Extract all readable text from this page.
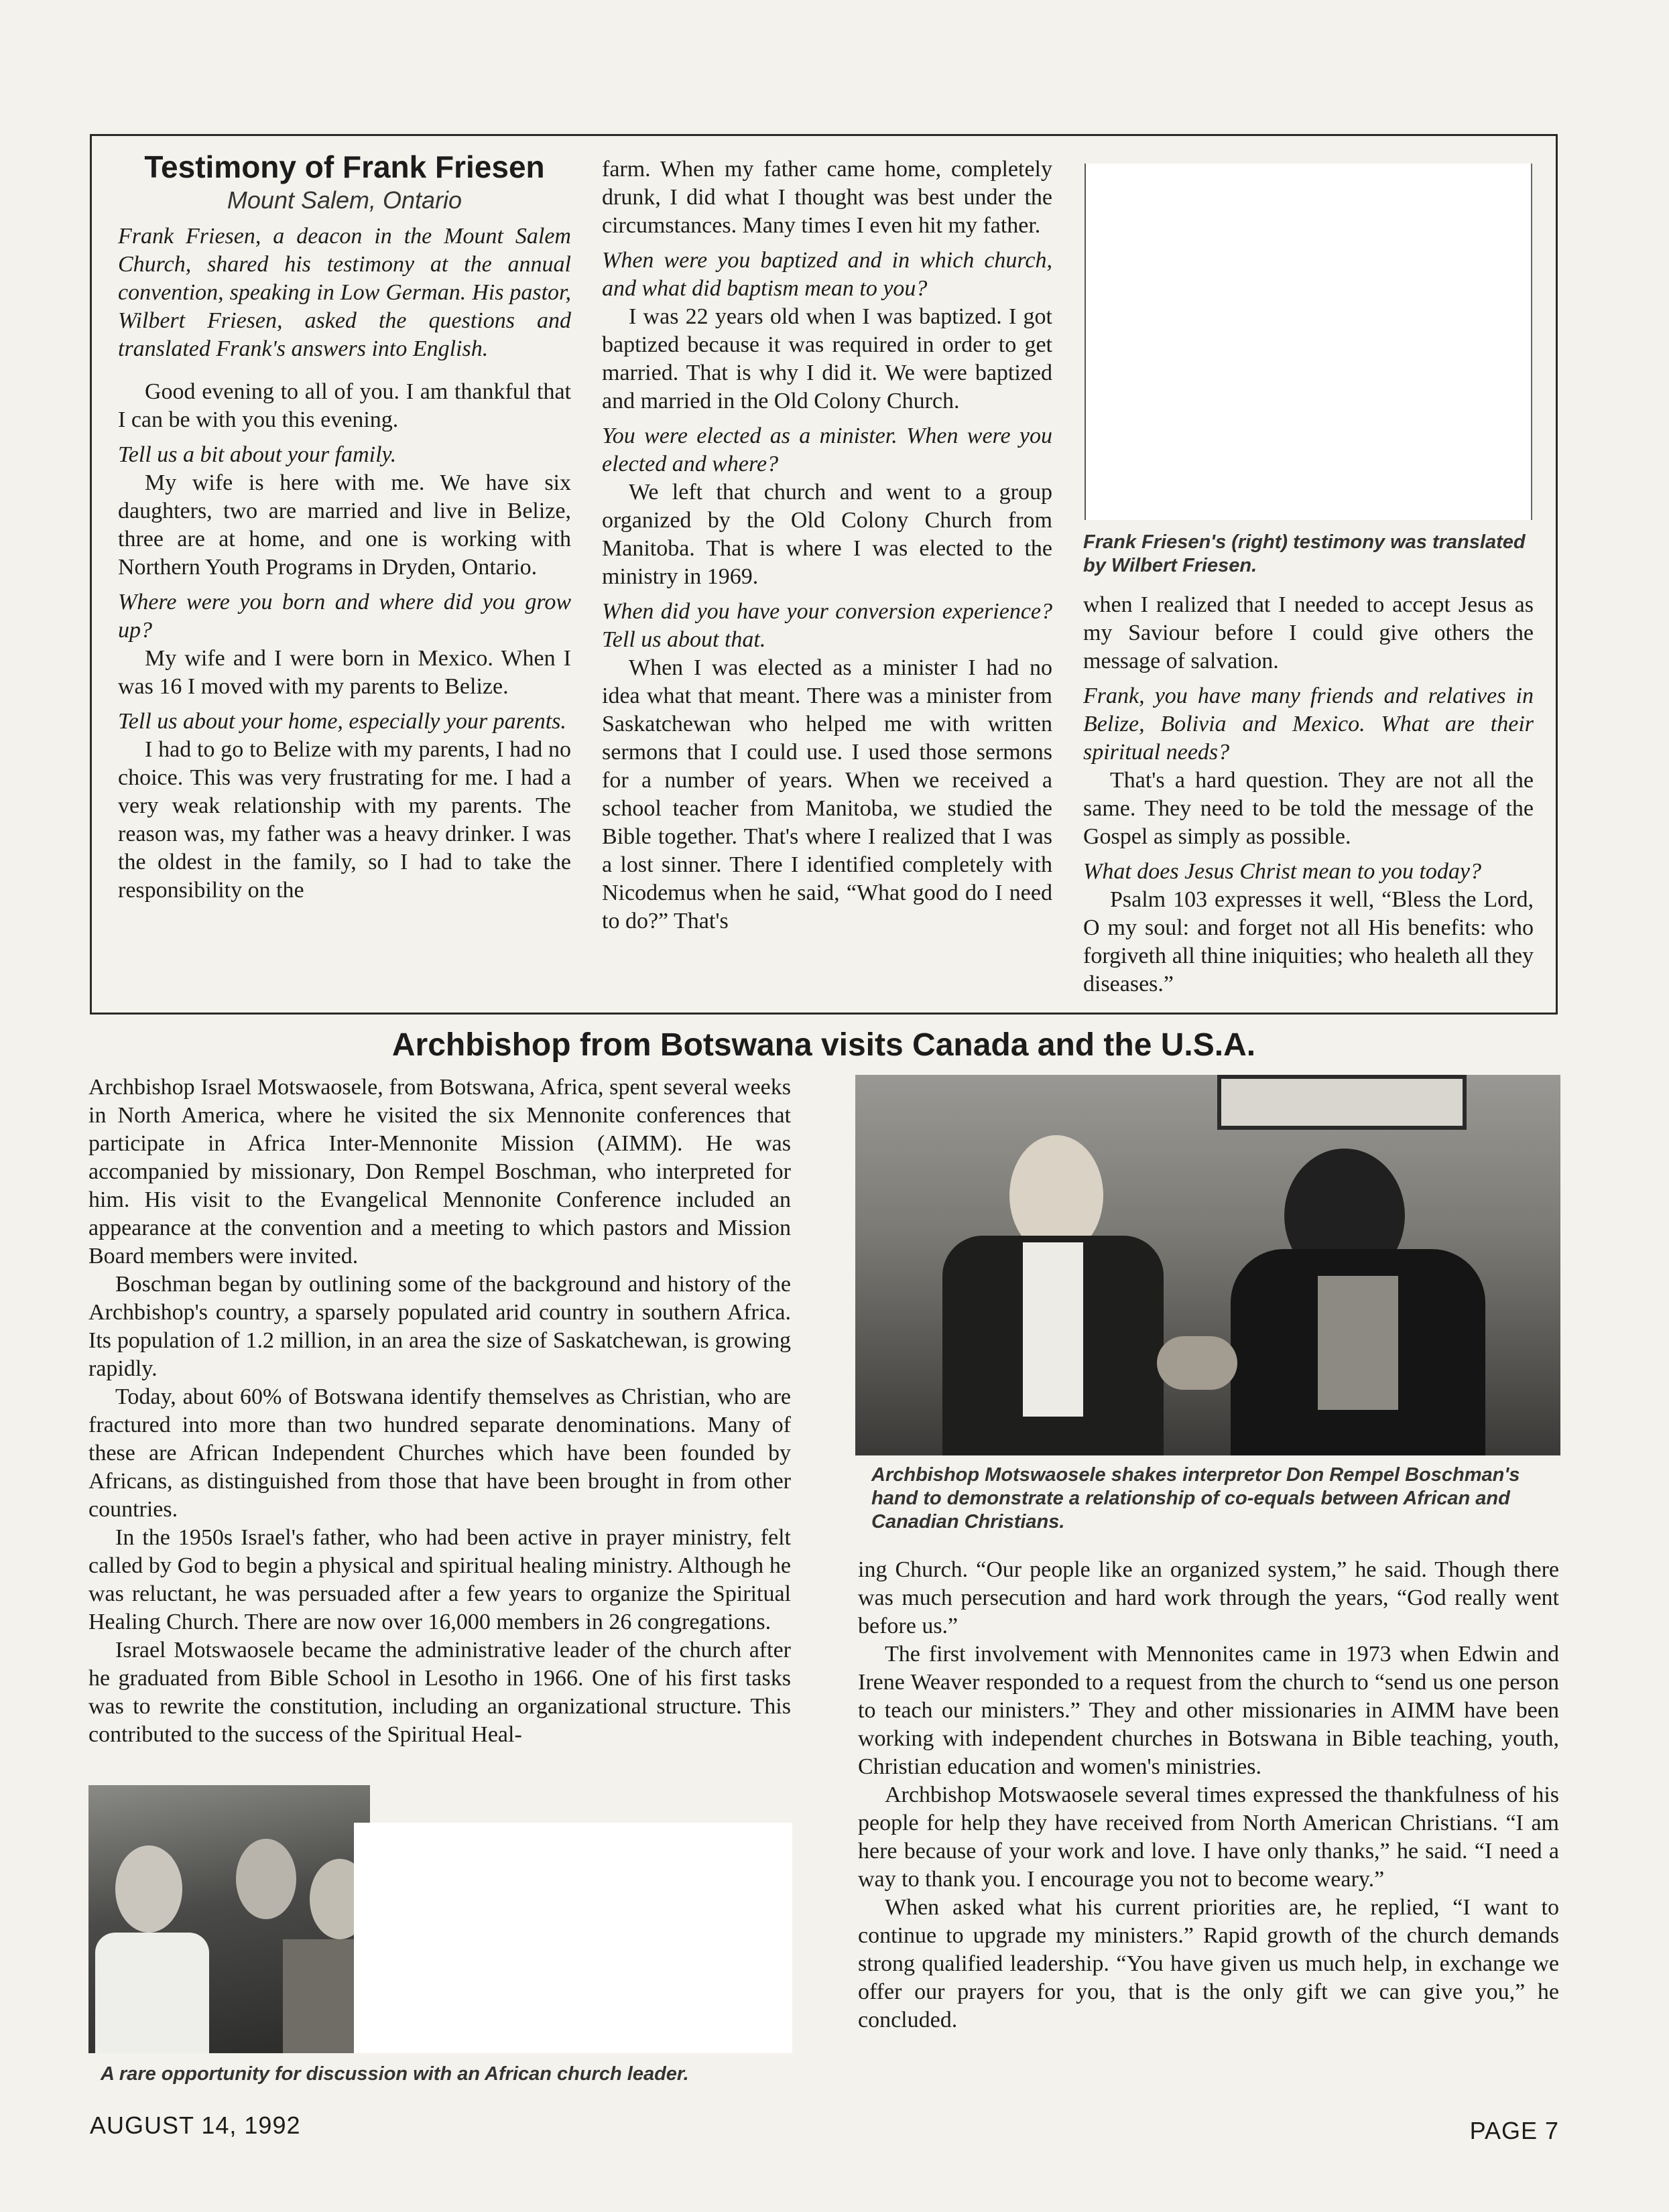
Testimony of Frank Friesen
Mount Salem, Ontario

Frank Friesen, a deacon in the Mount Salem Church, shared his testimony at the annual convention, speaking in Low German. His pastor, Wilbert Friesen, asked the questions and translated Frank's answers into English.

Good evening to all of you. I am thankful that I can be with you this evening.

Tell us a bit about your family.

My wife is here with me. We have six daughters, two are married and live in Belize, three are at home, and one is working with Northern Youth Programs in Dryden, Ontario.

Where were you born and where did you grow up?

My wife and I were born in Mexico. When I was 16 I moved with my parents to Belize.

Tell us about your home, especially your parents.

I had to go to Belize with my parents, I had no choice. This was very frustrating for me. I had a very weak relationship with my parents. The reason was, my father was a heavy drinker. I was the oldest in the family, so I had to take the responsibility on the

farm. When my father came home, completely drunk, I did what I thought was best under the circumstances. Many times I even hit my father.

When were you baptized and in which church, and what did baptism mean to you?

I was 22 years old when I was baptized. I got baptized because it was required in order to get married. That is why I did it. We were baptized and married in the Old Colony Church.

You were elected as a minister. When were you elected and where?

We left that church and went to a group organized by the Old Colony Church from Manitoba. That is where I was elected to the ministry in 1969.

When did you have your conversion experience? Tell us about that.

When I was elected as a minister I had no idea what that meant. There was a minister from Saskatchewan who helped me with written sermons that I could use. I used those sermons for a number of years. When we received a school teacher from Manitoba, we studied the Bible together. That's where I realized that I was a lost sinner. There I identified completely with Nicodemus when he said, “What good do I need to do?” That's

Frank Friesen's (right) testimony was translated by Wilbert Friesen.

when I realized that I needed to accept Jesus as my Saviour before I could give others the message of salvation.

Frank, you have many friends and relatives in Belize, Bolivia and Mexico. What are their spiritual needs?

That's a hard question. They are not all the same. They need to be told the message of the Gospel as simply as possible.

What does Jesus Christ mean to you today?

Psalm 103 expresses it well, “Bless the Lord, O my soul: and forget not all His benefits: who forgiveth all thine iniquities; who healeth all they diseases.”

Archbishop from Botswana visits Canada and the U.S.A.

Archbishop Israel Motswaosele, from Botswana, Africa, spent several weeks in North America, where he visited the six Mennonite conferences that participate in Africa Inter-Mennonite Mission (AIMM). He was accompanied by missionary, Don Rempel Boschman, who interpreted for him. His visit to the Evangelical Mennonite Conference included an appearance at the convention and a meeting to which pastors and Mission Board members were invited.

Boschman began by outlining some of the background and history of the Archbishop's country, a sparsely populated arid country in southern Africa. Its population of 1.2 million, in an area the size of Saskatchewan, is growing rapidly.

Today, about 60% of Botswana identify themselves as Christian, who are fractured into more than two hundred separate denominations. Many of these are African Independent Churches which have been founded by Africans, as distinguished from those that have been brought in from other countries.

In the 1950s Israel's father, who had been active in prayer ministry, felt called by God to begin a physical and spiritual healing ministry. Although he was reluctant, he was persuaded after a few years to organize the Spiritual Healing Church. There are now over 16,000 members in 26 congregations.

Israel Motswaosele became the administrative leader of the church after he graduated from Bible School in Lesotho in 1966. One of his first tasks was to rewrite the constitution, including an organizational structure. This contributed to the success of the Spiritual Heal-

A rare opportunity for discussion with an African church leader.
Archbishop Motswaosele shakes interpretor Don Rempel Boschman's hand to demonstrate a relationship of co-equals between African and Canadian Christians.

ing Church. “Our people like an organized system,” he said. Though there was much persecution and hard work through the years, “God really went before us.”

The first involvement with Mennonites came in 1973 when Edwin and Irene Weaver responded to a request from the church to “send us one person to teach our ministers.” They and other missionaries in AIMM have been working with independent churches in Botswana in Bible teaching, youth, Christian education and women's ministries.

Archbishop Motswaosele several times expressed the thankfulness of his people for help they have received from North American Christians. “I am here because of your work and love. I have only thanks,” he said. “I need a way to thank you. I encourage you not to become weary.”

When asked what his current priorities are, he replied, “I want to continue to upgrade my ministers.” Rapid growth of the church demands strong qualified leadership. “You have given us much help, in exchange we offer our prayers for you, that is the only gift we can give you,” he concluded.

AUGUST 14, 1992	PAGE 7
